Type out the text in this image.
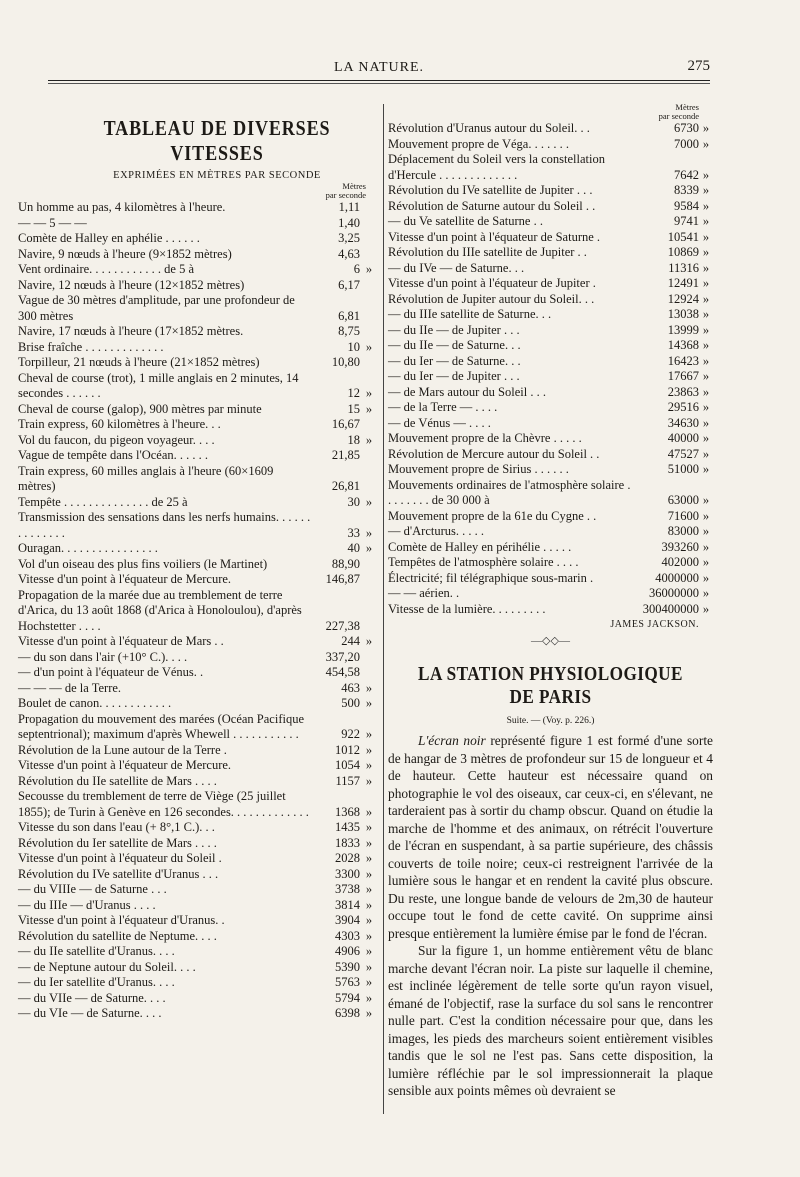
LA NATURE.	275
TABLEAU DE DIVERSES VITESSES
EXPRIMÉES EN MÈTRES PAR SECONDE
Mètres
par seconde
Un homme au pas, 4 kilomètres à l'heure.	1,11
— — 5 — —	1,40
Comète de Halley en aphélie . . . . . .	3,25
Navire, 9 nœuds à l'heure (9×1852 mètres)	4,63
Vent ordinaire. . . . . . . . . . . . de 5 à	6 »
Navire, 12 nœuds à l'heure (12×1852 mètres)	6,17
Vague de 30 mètres d'amplitude, par une profondeur de 300 mètres	6,81
Navire, 17 nœuds à l'heure (17×1852 mètres.	8,75
Brise fraîche . . . . . . . . . . . . .	10 »
Torpilleur, 21 nœuds à l'heure (21×1852 mètres)	10,80
Cheval de course (trot), 1 mille anglais en 2 minutes, 14 secondes . . . . . .	12 »
Cheval de course (galop), 900 mètres par minute	15 »
Train express, 60 kilomètres à l'heure. . .	16,67
Vol du faucon, du pigeon voyageur. . . .	18 »
Vague de tempête dans l'Océan. . . . . .	21,85
Train express, 60 milles anglais à l'heure (60×1609 mètres)	26,81
Tempête . . . . . . . . . . . . . . de 25 à	30 »
Transmission des sensations dans les nerfs humains. . . . . . . . . . . . . .	33 »
Ouragan. . . . . . . . . . . . . . . .	40 »
Vol d'un oiseau des plus fins voiliers (le Martinet)	88,90
Vitesse d'un point à l'équateur de Mercure.	146,87
Propagation de la marée due au tremblement de terre d'Arica, du 13 août 1868 (d'Arica à Honoloulou), d'après Hochstetter . . . .	227,38
Vitesse d'un point à l'équateur de Mars . .	244 »
— du son dans l'air (+10° C.). . . .	337,20
— d'un point à l'équateur de Vénus. .	454,58
— — — de la Terre.	463 »
Boulet de canon. . . . . . . . . . . .	500 »
Propagation du mouvement des marées (Océan Pacifique septentrional); maximum d'après Whewell . . . . . . . . . . .	922 »
Révolution de la Lune autour de la Terre .	1012 »
Vitesse d'un point à l'équateur de Mercure.	1054 »
Révolution du IIe satellite de Mars . . . .	1157 »
Secousse du tremblement de terre de Viège (25 juillet 1855); de Turin à Genève en 126 secondes. . . . . . . . . . . . .	1368 »
Vitesse du son dans l'eau (+ 8°,1 C.). . .	1435 »
Révolution du Ier satellite de Mars . . . .	1833 »
Vitesse d'un point à l'équateur du Soleil .	2028 »
Révolution du IVe satellite d'Uranus . . .	3300 »
— du VIIIe — de Saturne . . .	3738 »
— du IIIe — d'Uranus . . . .	3814 »
Vitesse d'un point à l'équateur d'Uranus. .	3904 »
Révolution du satellite de Neptume. . . .	4303 »
— du IIe satellite d'Uranus. . . .	4906 »
— de Neptune autour du Soleil. . . .	5390 »
— du Ier satellite d'Uranus. . . .	5763 »
— du VIIe — de Saturne. . . .	5794 »
— du VIe — de Saturne. . . .	6398 »
Mètres
par seconde
Révolution d'Uranus autour du Soleil. . .	6730 »
Mouvement propre de Véga. . . . . . .	7000 »
Déplacement du Soleil vers la constellation d'Hercule . . . . . . . . . . . . .	7642 »
Révolution du IVe satellite de Jupiter . . .	8339 »
Révolution de Saturne autour du Soleil . .	9584 »
— du Ve satellite de Saturne . .	9741 »
Vitesse d'un point à l'équateur de Saturne .	10541 »
Révolution du IIIe satellite de Jupiter . .	10869 »
— du IVe — de Saturne. . .	11316 »
Vitesse d'un point à l'équateur de Jupiter .	12491 »
Révolution de Jupiter autour du Soleil. . .	12924 »
— du IIIe satellite de Saturne. . .	13038 »
— du IIe — de Jupiter . . .	13999 »
— du IIe — de Saturne. . .	14368 »
— du Ier — de Saturne. . .	16423 »
— du Ier — de Jupiter . . .	17667 »
— de Mars autour du Soleil . . .	23863 »
— de la Terre — . . . .	29516 »
— de Vénus — . . . .	34630 »
Mouvement propre de la Chèvre . . . . .	40000 »
Révolution de Mercure autour du Soleil . .	47527 »
Mouvement propre de Sirius . . . . . .	51000 »
Mouvements ordinaires de l'atmosphère solaire . . . . . . . . de 30 000 à	63000 »
Mouvement propre de la 61e du Cygne . .	71600 »
— d'Arcturus. . . . .	83000 »
Comète de Halley en périhélie . . . . .	393260 »
Tempêtes de l'atmosphère solaire . . . .	402000 »
Électricité; fil télégraphique sous-marin .	4000000 »
— — aérien. .	36000000 »
Vitesse de la lumière. . . . . . . . .	300400000 »
JAMES JACKSON.
—◇◇—
LA STATION PHYSIOLOGIQUE DE PARIS
Suite. — (Voy. p. 226.)

L'écran noir représenté figure 1 est formé d'une sorte de hangar de 3 mètres de profondeur sur 15 de longueur et 4 de hauteur. Cette hauteur est nécessaire quand on photographie le vol des oiseaux, car ceux-ci, en s'élevant, ne tarderaient pas à sortir du champ obscur. Quand on étudie la marche de l'homme et des animaux, on rétrécit l'ouverture de l'écran en suspendant, à sa partie supérieure, des châssis couverts de toile noire; ceux-ci restreignent l'arrivée de la lumière sous le hangar et en rendent la cavité plus obscure. Du reste, une longue bande de velours de 2m,30 de hauteur occupe tout le fond de cette cavité. On supprime ainsi presque entièrement la lumière émise par le fond de l'écran.

Sur la figure 1, un homme entièrement vêtu de blanc marche devant l'écran noir. La piste sur laquelle il chemine, est inclinée légèrement de telle sorte qu'un rayon visuel, émané de l'objectif, rase la surface du sol sans le rencontrer nulle part. C'est la condition nécessaire pour que, dans les images, les pieds des marcheurs soient entièrement visibles tandis que le sol ne l'est pas. Sans cette disposition, la lumière réfléchie par le sol impressionnerait la plaque sensible aux points mêmes où devraient se
